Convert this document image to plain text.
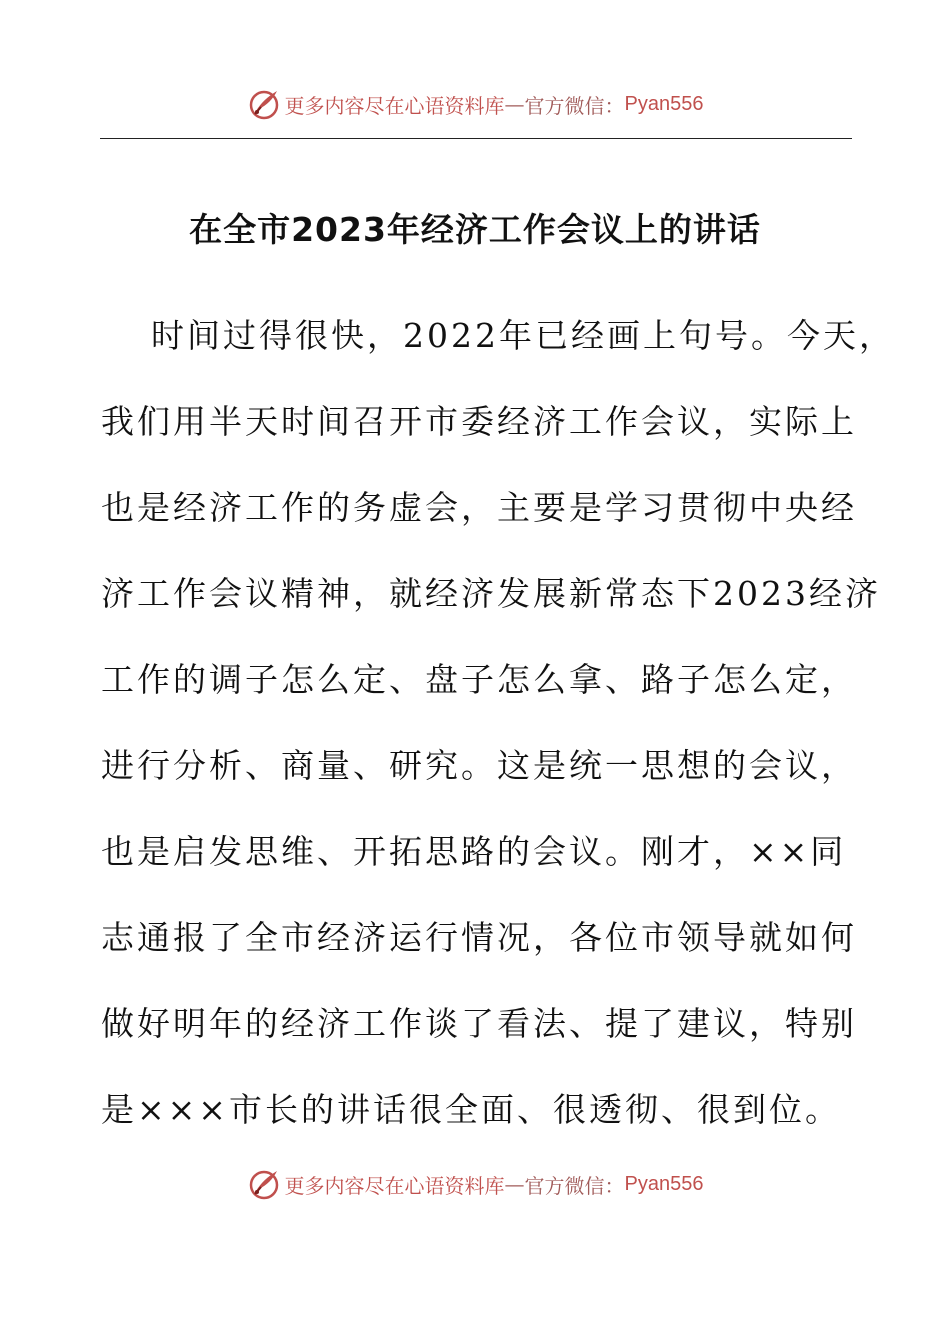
更多内容尽在心语资料库 — 官方微信： Pyan556
在全市2023年经济工作会议上的讲话
时间过得很快，2022年已经画上句号。今天，
我们用半天时间召开市委经济工作会议，实际上
也是经济工作的务虚会，主要是学习贯彻中央经
济工作会议精神，就经济发展新常态下2023经济
工作的调子怎么定、盘子怎么拿、路子怎么定，
进行分析、商量、研究。这是统一思想的会议，
也是启发思维、开拓思路的会议。刚才，××同
志通报了全市经济运行情况，各位市领导就如何
做好明年的经济工作谈了看法、提了建议，特别
是×××市长的讲话很全面、很透彻、很到位。
更多内容尽在心语资料库 — 官方微信： Pyan556
